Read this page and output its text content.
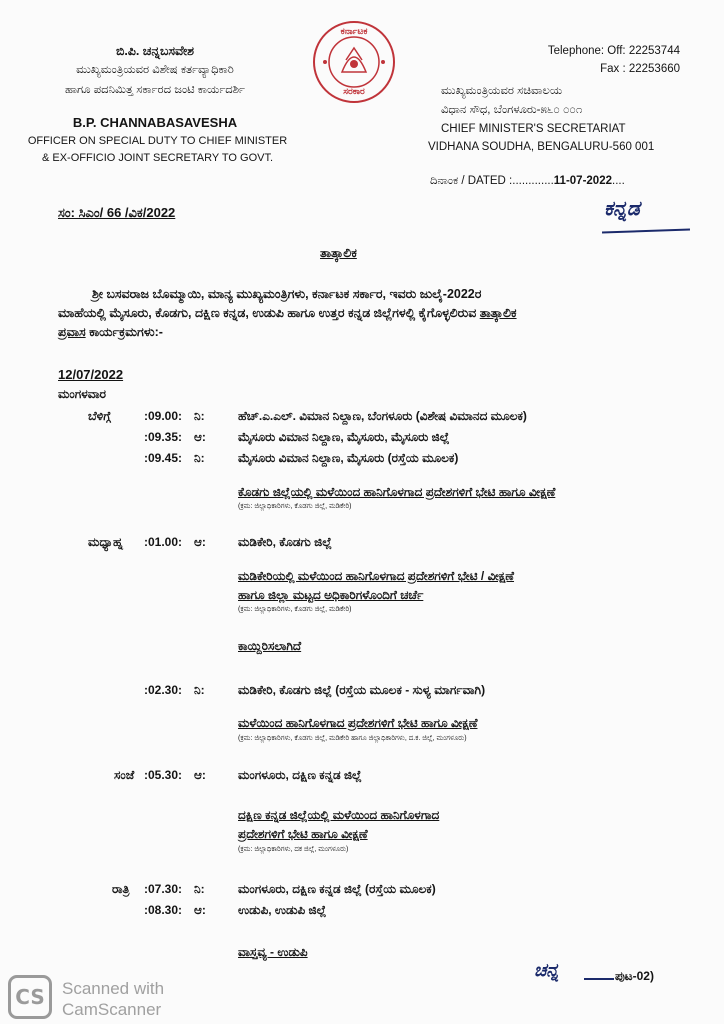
ಬಿ.ಪಿ. ಚನ್ನಬಸವೇಶ
ಮುಖ್ಯಮಂತ್ರಿಯವರ ವಿಶೇಷ ಕರ್ತವ್ಯಾಧಿಕಾರಿ
ಹಾಗೂ ಪದನಿಮಿತ್ತ ಸರ್ಕಾರದ ಜಂಟಿ ಕಾರ್ಯದರ್ಶಿ
B.P. CHANNABASAVESHA
OFFICER ON SPECIAL DUTY TO CHIEF MINISTER
& EX-OFFICIO JOINT SECRETARY TO GOVT.
ಕರ್ನಾಟಕ
ಸರಕಾರ
Telephone: Off: 22253744
Fax : 22253660
ಮುಖ್ಯಮಂತ್ರಿಯವರ ಸಚಿವಾಲಯ
ವಿಧಾನ ಸೌಧ, ಬೆಂಗಳೂರು-೫೬೦ ೦೦೧
CHIEF MINISTER'S SECRETARIAT
VIDHANA SOUDHA, BENGALURU-560 001
ದಿನಾಂಕ / DATED :.............11-07-2022....
ಸಂ: ಸಿಎಂ/ 66 /ವಿಕ/2022	ಕನ್ನಡ
ತಾತ್ಕಾಲಿಕ
ಶ್ರೀ ಬಸವರಾಜ ಬೊಮ್ಮಾಯಿ, ಮಾನ್ಯ ಮುಖ್ಯಮಂತ್ರಿಗಳು, ಕರ್ನಾಟಕ ಸರ್ಕಾರ, ಇವರು ಜುಲೈ-2022ರ
ಮಾಹೆಯಲ್ಲಿ ಮೈಸೂರು, ಕೊಡಗು, ದಕ್ಷಿಣ ಕನ್ನಡ, ಉಡುಪಿ ಹಾಗೂ ಉತ್ತರ ಕನ್ನಡ ಜಿಲ್ಲೆಗಳಲ್ಲಿ ಕೈಗೊಳ್ಳಲಿರುವ ತಾತ್ಕಾಲಿಕ
ಪ್ರವಾಸ ಕಾರ್ಯಕ್ರಮಗಳು:-
12/07/2022
ಮಂಗಳವಾರ
ಬೆಳಿಗ್ಗೆ	:09.00: ನಿ:	ಹೆಚ್.ಎ.ಎಲ್. ವಿಮಾನ ನಿಲ್ದಾಣ, ಬೆಂಗಳೂರು (ವಿಶೇಷ ವಿಮಾನದ ಮೂಲಕ)
:09.35: ಆ:	ಮೈಸೂರು ವಿಮಾನ ನಿಲ್ದಾಣ, ಮೈಸೂರು, ಮೈಸೂರು ಜಿಲ್ಲೆ
:09.45: ನಿ:	ಮೈಸೂರು ವಿಮಾನ ನಿಲ್ದಾಣ, ಮೈಸೂರು (ರಸ್ತೆಯ ಮೂಲಕ)
ಕೊಡಗು ಜಿಲ್ಲೆಯಲ್ಲಿ ಮಳೆಯಿಂದ ಹಾನಿಗೊಳಗಾದ ಪ್ರದೇಶಗಳಿಗೆ ಭೇಟಿ ಹಾಗೂ ವೀಕ್ಷಣೆ
(ಕ್ರಮ: ಜಿಲ್ಲಾಧಿಕಾರಿಗಳು, ಕೊಡಗು ಜಿಲ್ಲೆ, ಮಡಿಕೇರಿ)
ಮಧ್ಯಾಹ್ನ :01.00: ಆ:	ಮಡಿಕೇರಿ, ಕೊಡಗು ಜಿಲ್ಲೆ
ಮಡಿಕೇರಿಯಲ್ಲಿ ಮಳೆಯಿಂದ ಹಾನಿಗೊಳಗಾದ ಪ್ರದೇಶಗಳಿಗೆ ಭೇಟಿ / ವೀಕ್ಷಣೆ
ಹಾಗೂ ಜಿಲ್ಲಾ ಮಟ್ಟದ ಅಧಿಕಾರಿಗಳೊಂದಿಗೆ ಚರ್ಚೆ
(ಕ್ರಮ: ಜಿಲ್ಲಾಧಿಕಾರಿಗಳು, ಕೊಡಗು ಜಿಲ್ಲೆ, ಮಡಿಕೇರಿ)
ಕಾಯ್ದಿರಿಸಲಾಗಿದೆ
:02.30: ನಿ:	ಮಡಿಕೇರಿ, ಕೊಡಗು ಜಿಲ್ಲೆ (ರಸ್ತೆಯ ಮೂಲಕ - ಸುಳ್ಯ ಮಾರ್ಗವಾಗಿ)
ಮಳೆಯಿಂದ ಹಾನಿಗೊಳಗಾದ ಪ್ರದೇಶಗಳಿಗೆ ಭೇಟಿ ಹಾಗೂ ವೀಕ್ಷಣೆ
(ಕ್ರಮ: ಜಿಲ್ಲಾಧಿಕಾರಿಗಳು, ಕೊಡಗು ಜಿಲ್ಲೆ, ಮಡಿಕೇರಿ ಹಾಗೂ ಜಿಲ್ಲಾಧಿಕಾರಿಗಳು, ದ.ಕ. ಜಿಲ್ಲೆ, ಮಂಗಳೂರು)
ಸಂಜೆ :05.30: ಆ:	ಮಂಗಳೂರು, ದಕ್ಷಿಣ ಕನ್ನಡ ಜಿಲ್ಲೆ
ದಕ್ಷಿಣ ಕನ್ನಡ ಜಿಲ್ಲೆಯಲ್ಲಿ ಮಳೆಯಿಂದ ಹಾನಿಗೊಳಗಾದ
ಪ್ರದೇಶಗಳಿಗೆ ಭೇಟಿ ಹಾಗೂ ವೀಕ್ಷಣೆ
(ಕ್ರಮ: ಜಿಲ್ಲಾಧಿಕಾರಿಗಳು, ದಕ ಜಿಲ್ಲೆ, ಮಂಗಳೂರು)
ರಾತ್ರಿ :07.30: ನಿ:	ಮಂಗಳೂರು, ದಕ್ಷಿಣ ಕನ್ನಡ ಜಿಲ್ಲೆ (ರಸ್ತೆಯ ಮೂಲಕ)
:08.30: ಆ:	ಉಡುಪಿ, ಉಡುಪಿ ಜಿಲ್ಲೆ
ವಾಸ್ತವ್ಯ - ಉಡುಪಿ
ಚನ್ನ	ಪುಟ-02)
CS	Scanned with
CamScanner
